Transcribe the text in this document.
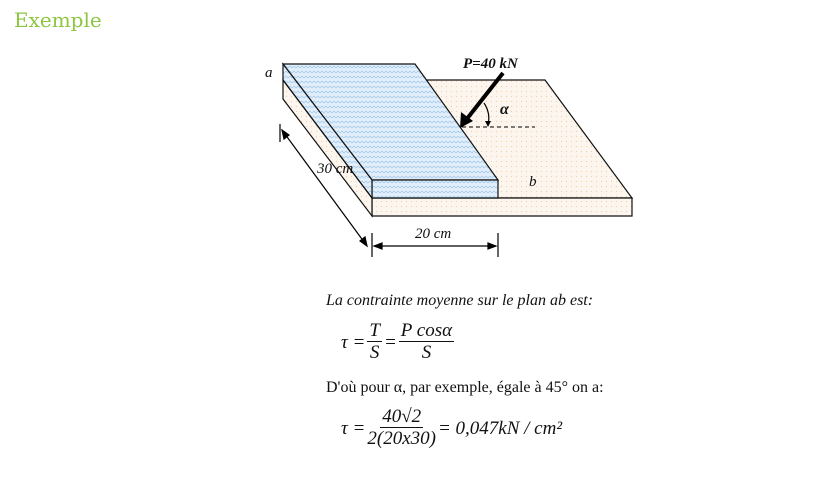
Exemple
a
b
P=40 kN
α
30 cm
20 cm
La contrainte moyenne sur le plan ab est:
$\tau = \frac{T}{S} = \frac{\text{P cosα}}{S}$
D'où pour α, par exemple, égale à 45° on a:
$\tau = \frac{40√2}{2(20x30)} = 0,047kN / cm^2$
